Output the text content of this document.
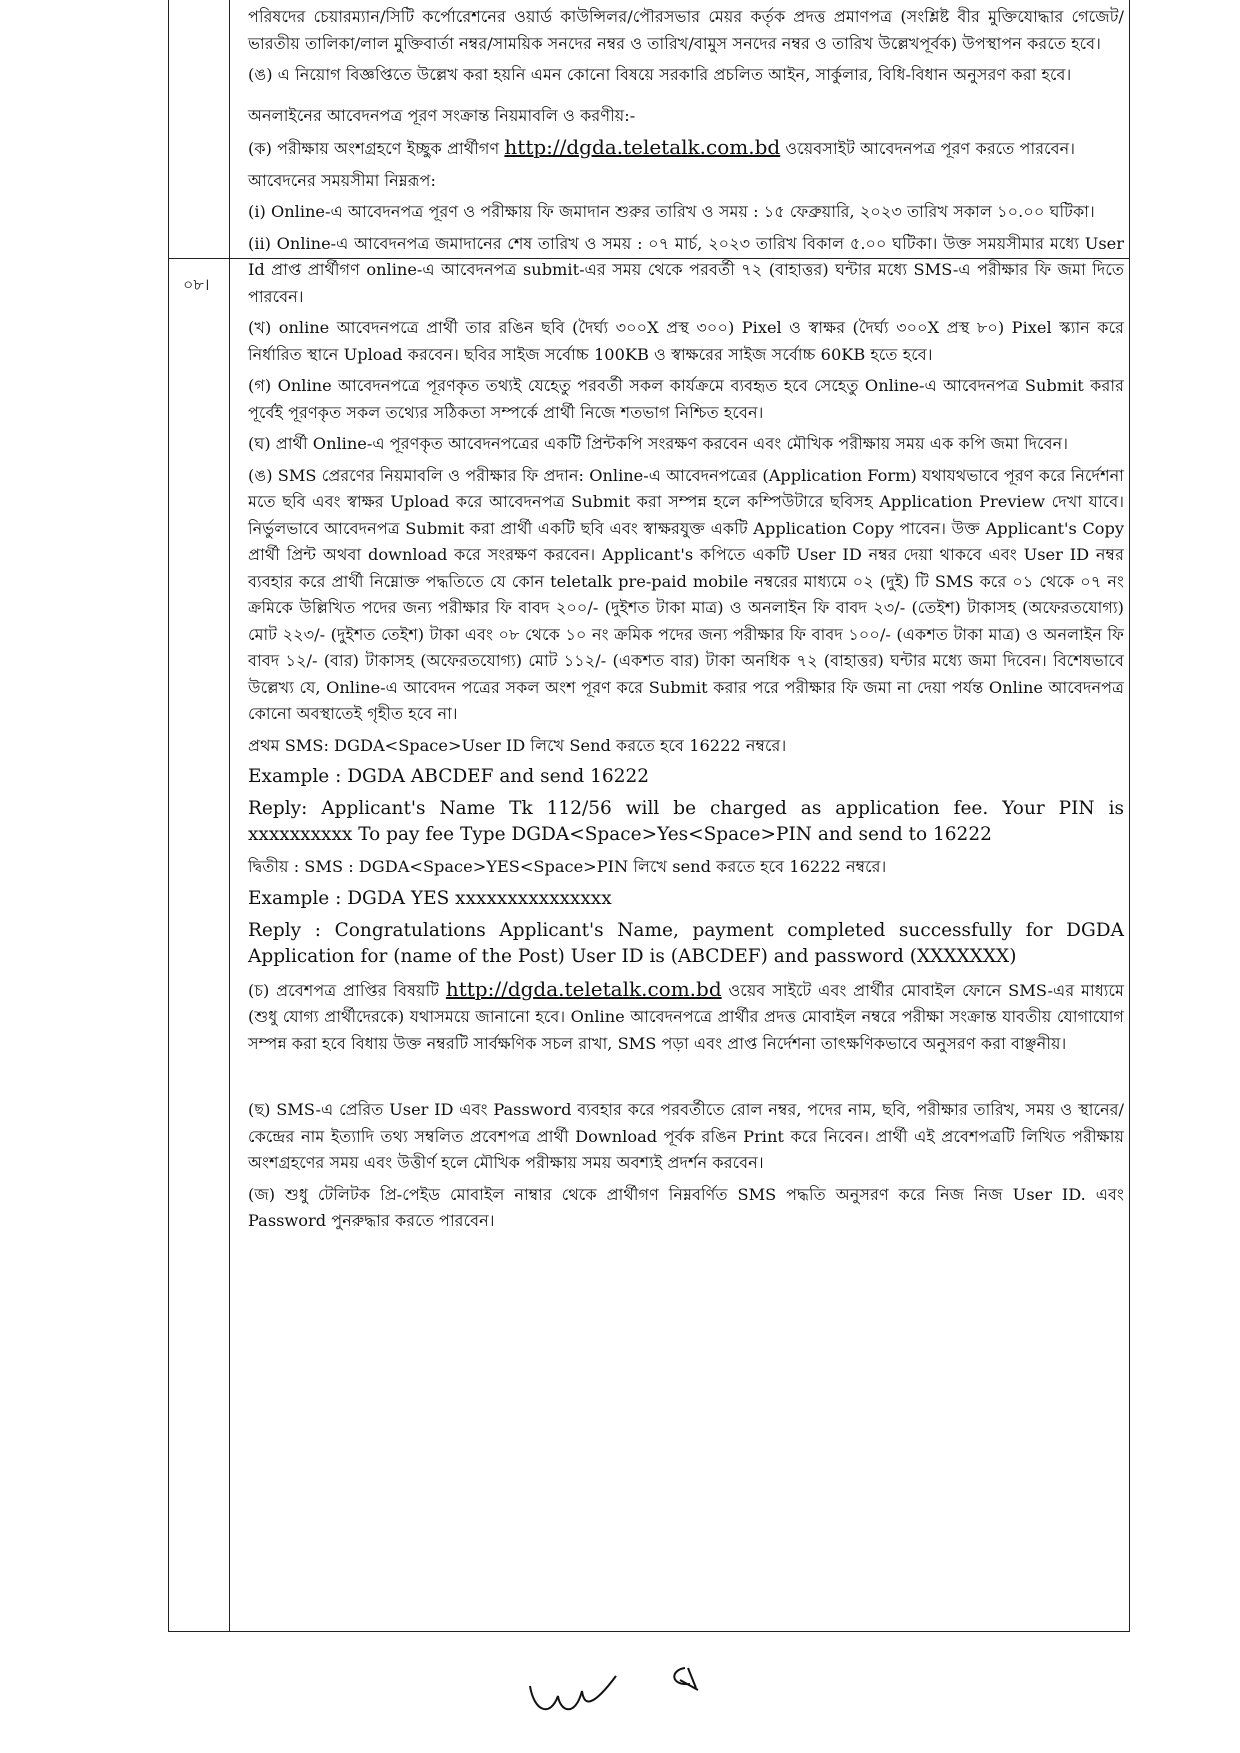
০৮।

পরিষদের চেয়ারম্যান/সিটি কর্পোরেশনের ওয়ার্ড কাউন্সিলর/পৌরসভার মেয়র কর্তৃক প্রদত্ত প্রমাণপত্র (সংশ্লিষ্ট বীর মুক্তিযোদ্ধার গেজেট/ভারতীয় তালিকা/লাল মুক্তিবার্তা নম্বর/সাময়িক সনদের নম্বর ও তারিখ/বামুস সনদের নম্বর ও তারিখ উল্লেখপূর্বক) উপস্থাপন করতে হবে।

(ঙ) এ নিয়োগ বিজ্ঞপ্তিতে উল্লেখ করা হয়নি এমন কোনো বিষয়ে সরকারি প্রচলিত আইন, সার্কুলার, বিধি-বিধান অনুসরণ করা হবে।

অনলাইনের আবেদনপত্র পূরণ সংক্রান্ত নিয়মাবলি ও করণীয়:-

(ক) পরীক্ষায় অংশগ্রহণে ইচ্ছুক প্রার্থীগণ http://dgda.teletalk.com.bd ওয়েবসাইট আবেদনপত্র পূরণ করতে পারবেন।

আবেদনের সময়সীমা নিম্নরূপ:

(i) Online-এ আবেদনপত্র পূরণ ও পরীক্ষায় ফি জমাদান শুরুর তারিখ ও সময় : ১৫ ফেব্রুয়ারি, ২০২৩ তারিখ সকাল ১০.০০ ঘটিকা।

(ii) Online-এ আবেদনপত্র জমাদানের শেষ তারিখ ও সময় : ০৭ মার্চ, ২০২৩ তারিখ বিকাল ৫.০০ ঘটিকা। উক্ত সময়সীমার মধ্যে User Id প্রাপ্ত প্রার্থীগণ online-এ আবেদনপত্র submit-এর সময় থেকে পরবর্তী ৭২ (বাহাত্তর) ঘন্টার মধ্যে SMS-এ পরীক্ষার ফি জমা দিতে পারবেন।

(খ) online আবেদনপত্রে প্রার্থী তার রঙিন ছবি (দৈর্ঘ্য ৩০০X প্রস্থ ৩০০) Pixel ও স্বাক্ষর (দৈর্ঘ্য ৩০০X প্রস্থ ৮০) Pixel স্ক্যান করে নির্ধারিত স্থানে Upload করবেন। ছবির সাইজ সর্বোচ্চ 100KB ও স্বাক্ষরের সাইজ সর্বোচ্চ 60KB হতে হবে।

(গ) Online আবেদনপত্রে পূরণকৃত তথ্যই যেহেতু পরবর্তী সকল কার্যক্রমে ব্যবহৃত হবে সেহেতু Online-এ আবেদনপত্র Submit করার পূর্বেই পূরণকৃত সকল তথ্যের সঠিকতা সম্পর্কে প্রার্থী নিজে শতভাগ নিশ্চিত হবেন।

(ঘ) প্রার্থী Online-এ পূরণকৃত আবেদনপত্রের একটি প্রিন্টকপি সংরক্ষণ করবেন এবং মৌখিক পরীক্ষায় সময় এক কপি জমা দিবেন।

(ঙ) SMS প্রেরণের নিয়মাবলি ও পরীক্ষার ফি প্রদান: Online-এ আবেদনপত্রের (Application Form) যথাযথভাবে পূরণ করে নির্দেশনা মতে ছবি এবং স্বাক্ষর Upload করে আবেদনপত্র Submit করা সম্পন্ন হলে কম্পিউটারে ছবিসহ Application Preview দেখা যাবে। নির্ভুলভাবে আবেদনপত্র Submit করা প্রার্থী একটি ছবি এবং স্বাক্ষরযুক্ত একটি Application Copy পাবেন। উক্ত Applicant's Copy প্রার্থী প্রিন্ট অথবা download করে সংরক্ষণ করবেন। Applicant's কপিতে একটি User ID নম্বর দেয়া থাকবে এবং User ID নম্বর ব্যবহার করে প্রার্থী নিম্নোক্ত পদ্ধতিতে যে কোন teletalk pre-paid mobile নম্বরের মাধ্যমে ০২ (দুই) টি SMS করে ০১ থেকে ০৭ নং ক্রমিকে উল্লিখিত পদের জন্য পরীক্ষার ফি বাবদ ২০০/- (দুইশত টাকা মাত্র) ও অনলাইন ফি বাবদ ২৩/- (তেইশ) টাকাসহ (অফেরতযোগ্য) মোট ২২৩/- (দুইশত তেইশ) টাকা এবং ০৮ থেকে ১০ নং ক্রমিক পদের জন্য পরীক্ষার ফি বাবদ ১০০/- (একশত টাকা মাত্র) ও অনলাইন ফি বাবদ ১২/- (বার) টাকাসহ (অফেরতযোগ্য) মোট ১১২/- (একশত বার) টাকা অনধিক ৭২ (বাহাত্তর) ঘন্টার মধ্যে জমা দিবেন। বিশেষভাবে উল্লেখ্য যে, Online-এ আবেদন পত্রের সকল অংশ পূরণ করে Submit করার পরে পরীক্ষার ফি জমা না দেয়া পর্যন্ত Online আবেদনপত্র কোনো অবস্থাতেই গৃহীত হবে না।

প্রথম SMS: DGDA<Space>User ID লিখে Send করতে হবে 16222 নম্বরে।

Example : DGDA ABCDEF and send 16222

Reply: Applicant's Name Tk 112/56 will be charged as application fee. Your PIN is xxxxxxxxxx To pay fee Type DGDA<Space>Yes<Space>PIN and send to 16222

দ্বিতীয় : SMS : DGDA<Space>YES<Space>PIN লিখে send করতে হবে 16222 নম্বরে।

Example : DGDA YES xxxxxxxxxxxxxxx

Reply : Congratulations Applicant's Name, payment completed successfully for DGDA Application for (name of the Post) User ID is (ABCDEF) and password (XXXXXXX)

(চ) প্রবেশপত্র প্রাপ্তির বিষয়টি http://dgda.teletalk.com.bd ওয়েব সাইটে এবং প্রার্থীর মোবাইল ফোনে SMS-এর মাধ্যমে (শুধু যোগ্য প্রার্থীদেরকে) যথাসময়ে জানানো হবে। Online আবেদনপত্রে প্রার্থীর প্রদত্ত মোবাইল নম্বরে পরীক্ষা সংক্রান্ত যাবতীয় যোগাযোগ সম্পন্ন করা হবে বিধায় উক্ত নম্বরটি সার্বক্ষণিক সচল রাখা, SMS পড়া এবং প্রাপ্ত নির্দেশনা তাৎক্ষণিকভাবে অনুসরণ করা বাঞ্ছনীয়।

(ছ) SMS-এ প্রেরিত User ID এবং Password ব্যবহার করে পরবর্তীতে রোল নম্বর, পদের নাম, ছবি, পরীক্ষার তারিখ, সময় ও স্থানের/কেন্দ্রের নাম ইত্যাদি তথ্য সম্বলিত প্রবেশপত্র প্রার্থী Download পূর্বক রঙিন Print করে নিবেন। প্রার্থী এই প্রবেশপত্রটি লিখিত পরীক্ষায় অংশগ্রহণের সময় এবং উত্তীর্ণ হলে মৌখিক পরীক্ষায় সময় অবশ্যই প্রদর্শন করবেন।

(জ) শুধু টেলিটক প্রি-পেইড মোবাইল নাম্বার থেকে প্রার্থীগণ নিম্নবর্ণিত SMS পদ্ধতি অনুসরণ করে নিজ নিজ User ID. এবং Password পুনরুদ্ধার করতে পারবেন।
